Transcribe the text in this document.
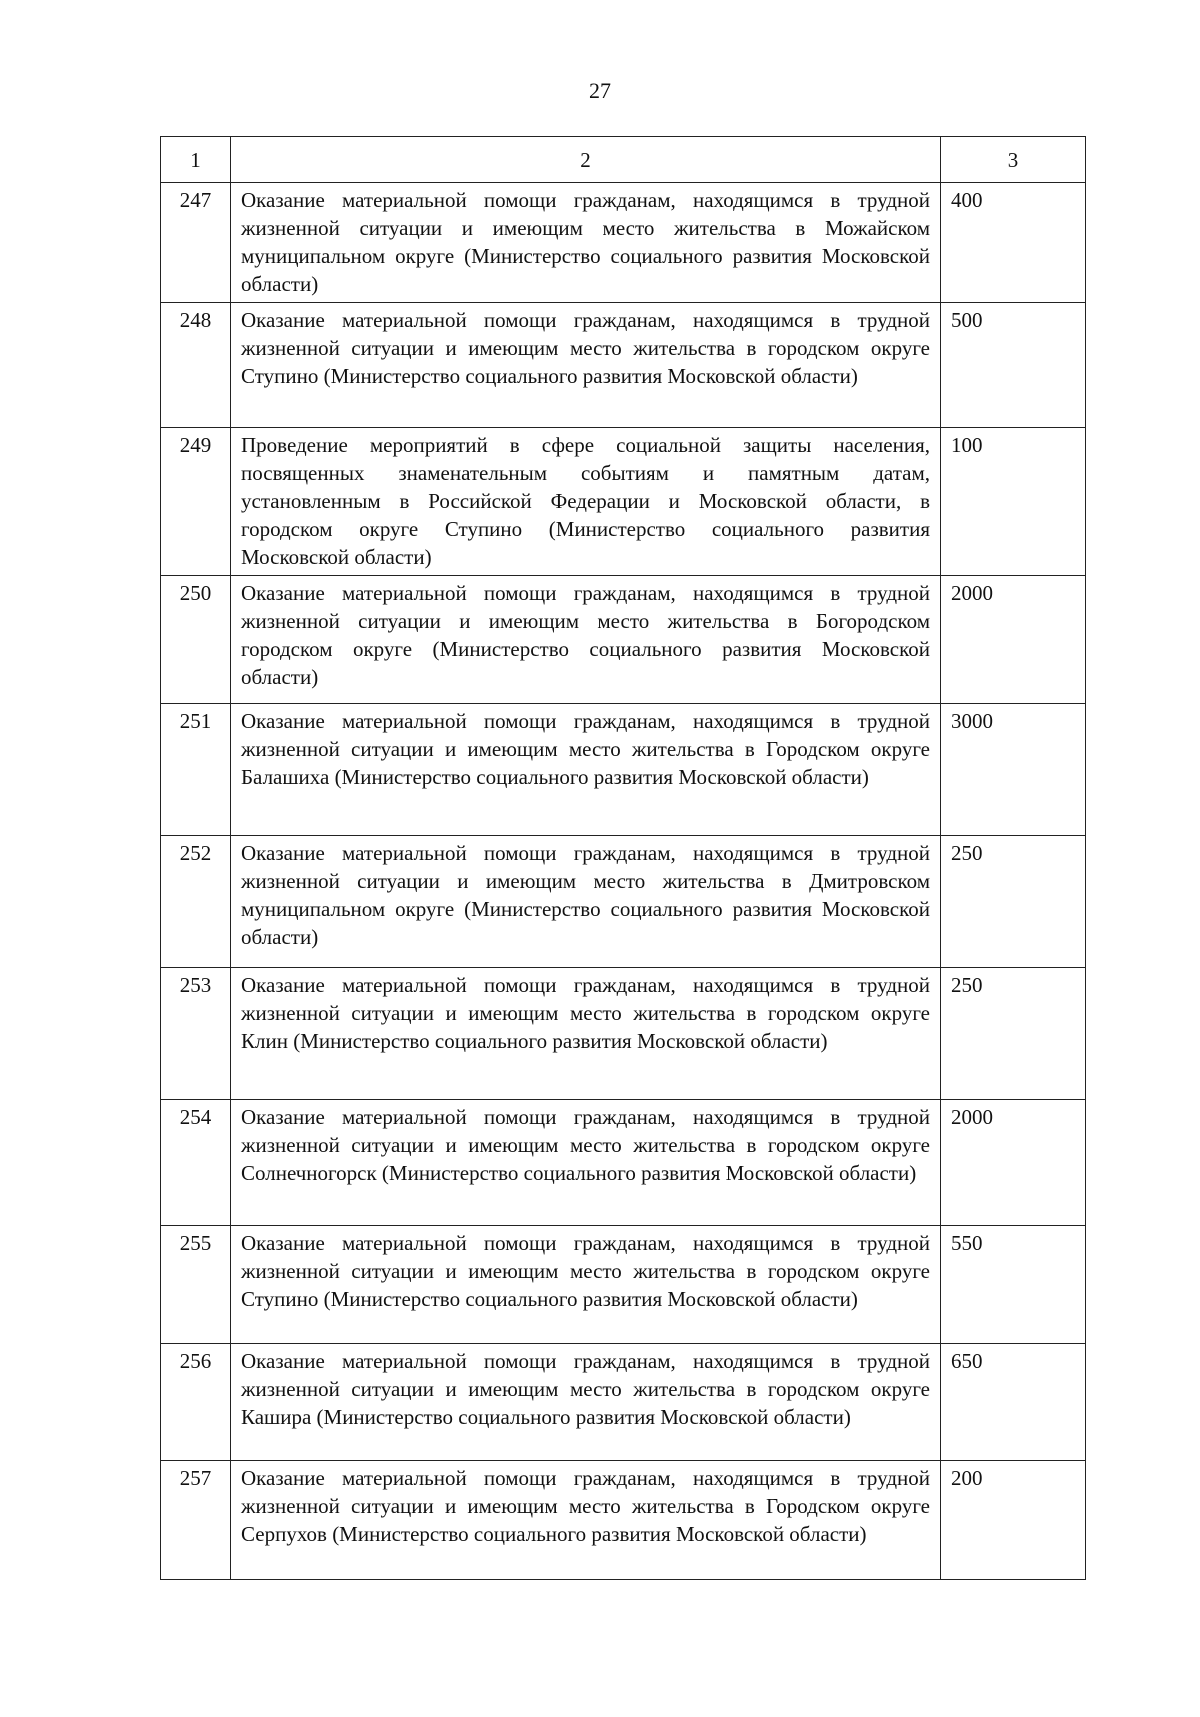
27
1	2	3
247	Оказание материальной помощи гражданам, находящимся в трудной жизненной ситуации и имеющим место жительства в Можайском муниципальном округе (Министерство социального развития Московской области)	400
248	Оказание материальной помощи гражданам, находящимся в трудной жизненной ситуации и имеющим место жительства в городском округе Ступино (Министерство социального развития Московской области)	500
249	Проведение мероприятий в сфере социальной защиты населения, посвященных знаменательным событиям и памятным датам, установленным в Российской Федерации и Московской области, в городском округе Ступино (Министерство социального развития Московской области)	100
250	Оказание материальной помощи гражданам, находящимся в трудной жизненной ситуации и имеющим место жительства в Богородском городском округе (Министерство социального развития Московской области)	2000
251	Оказание материальной помощи гражданам, находящимся в трудной жизненной ситуации и имеющим место жительства в Городском округе Балашиха (Министерство социального развития Московской области)	3000
252	Оказание материальной помощи гражданам, находящимся в трудной жизненной ситуации и имеющим место жительства в Дмитровском муниципальном округе (Министерство социального развития Московской области)	250
253	Оказание материальной помощи гражданам, находящимся в трудной жизненной ситуации и имеющим место жительства в городском округе Клин (Министерство социального развития Московской области)	250
254	Оказание материальной помощи гражданам, находящимся в трудной жизненной ситуации и имеющим место жительства в городском округе Солнечногорск (Министерство социального развития Московской области)	2000
255	Оказание материальной помощи гражданам, находящимся в трудной жизненной ситуации и имеющим место жительства в городском округе Ступино (Министерство социального развития Московской области)	550
256	Оказание материальной помощи гражданам, находящимся в трудной жизненной ситуации и имеющим место жительства в городском округе Кашира (Министерство социального развития Московской области)	650
257	Оказание материальной помощи гражданам, находящимся в трудной жизненной ситуации и имеющим место жительства в Городском округе Серпухов (Министерство социального развития Московской области)	200
